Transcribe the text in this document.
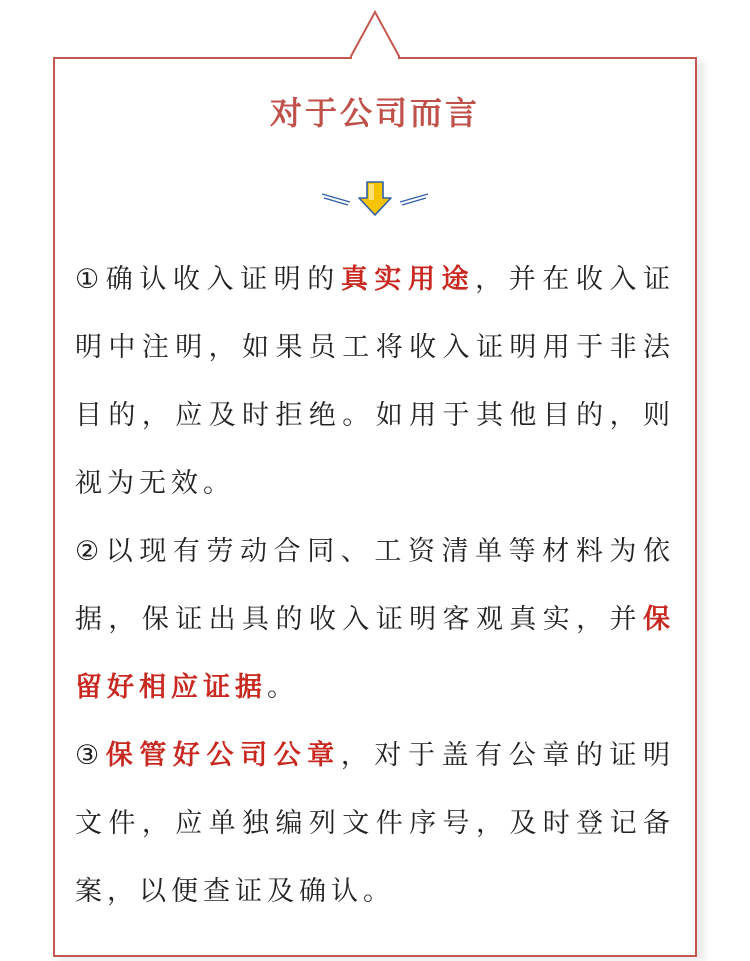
对于公司而言

①确认收入证明的真实用途，并在收入证明中注明，如果员工将收入证明用于非法目的，应及时拒绝。如用于其他目的，则视为无效。

②以现有劳动合同、工资清单等材料为依据，保证出具的收入证明客观真实，并保留好相应证据。

③保管好公司公章，对于盖有公章的证明文件，应单独编列文件序号，及时登记备案，以便查证及确认。
